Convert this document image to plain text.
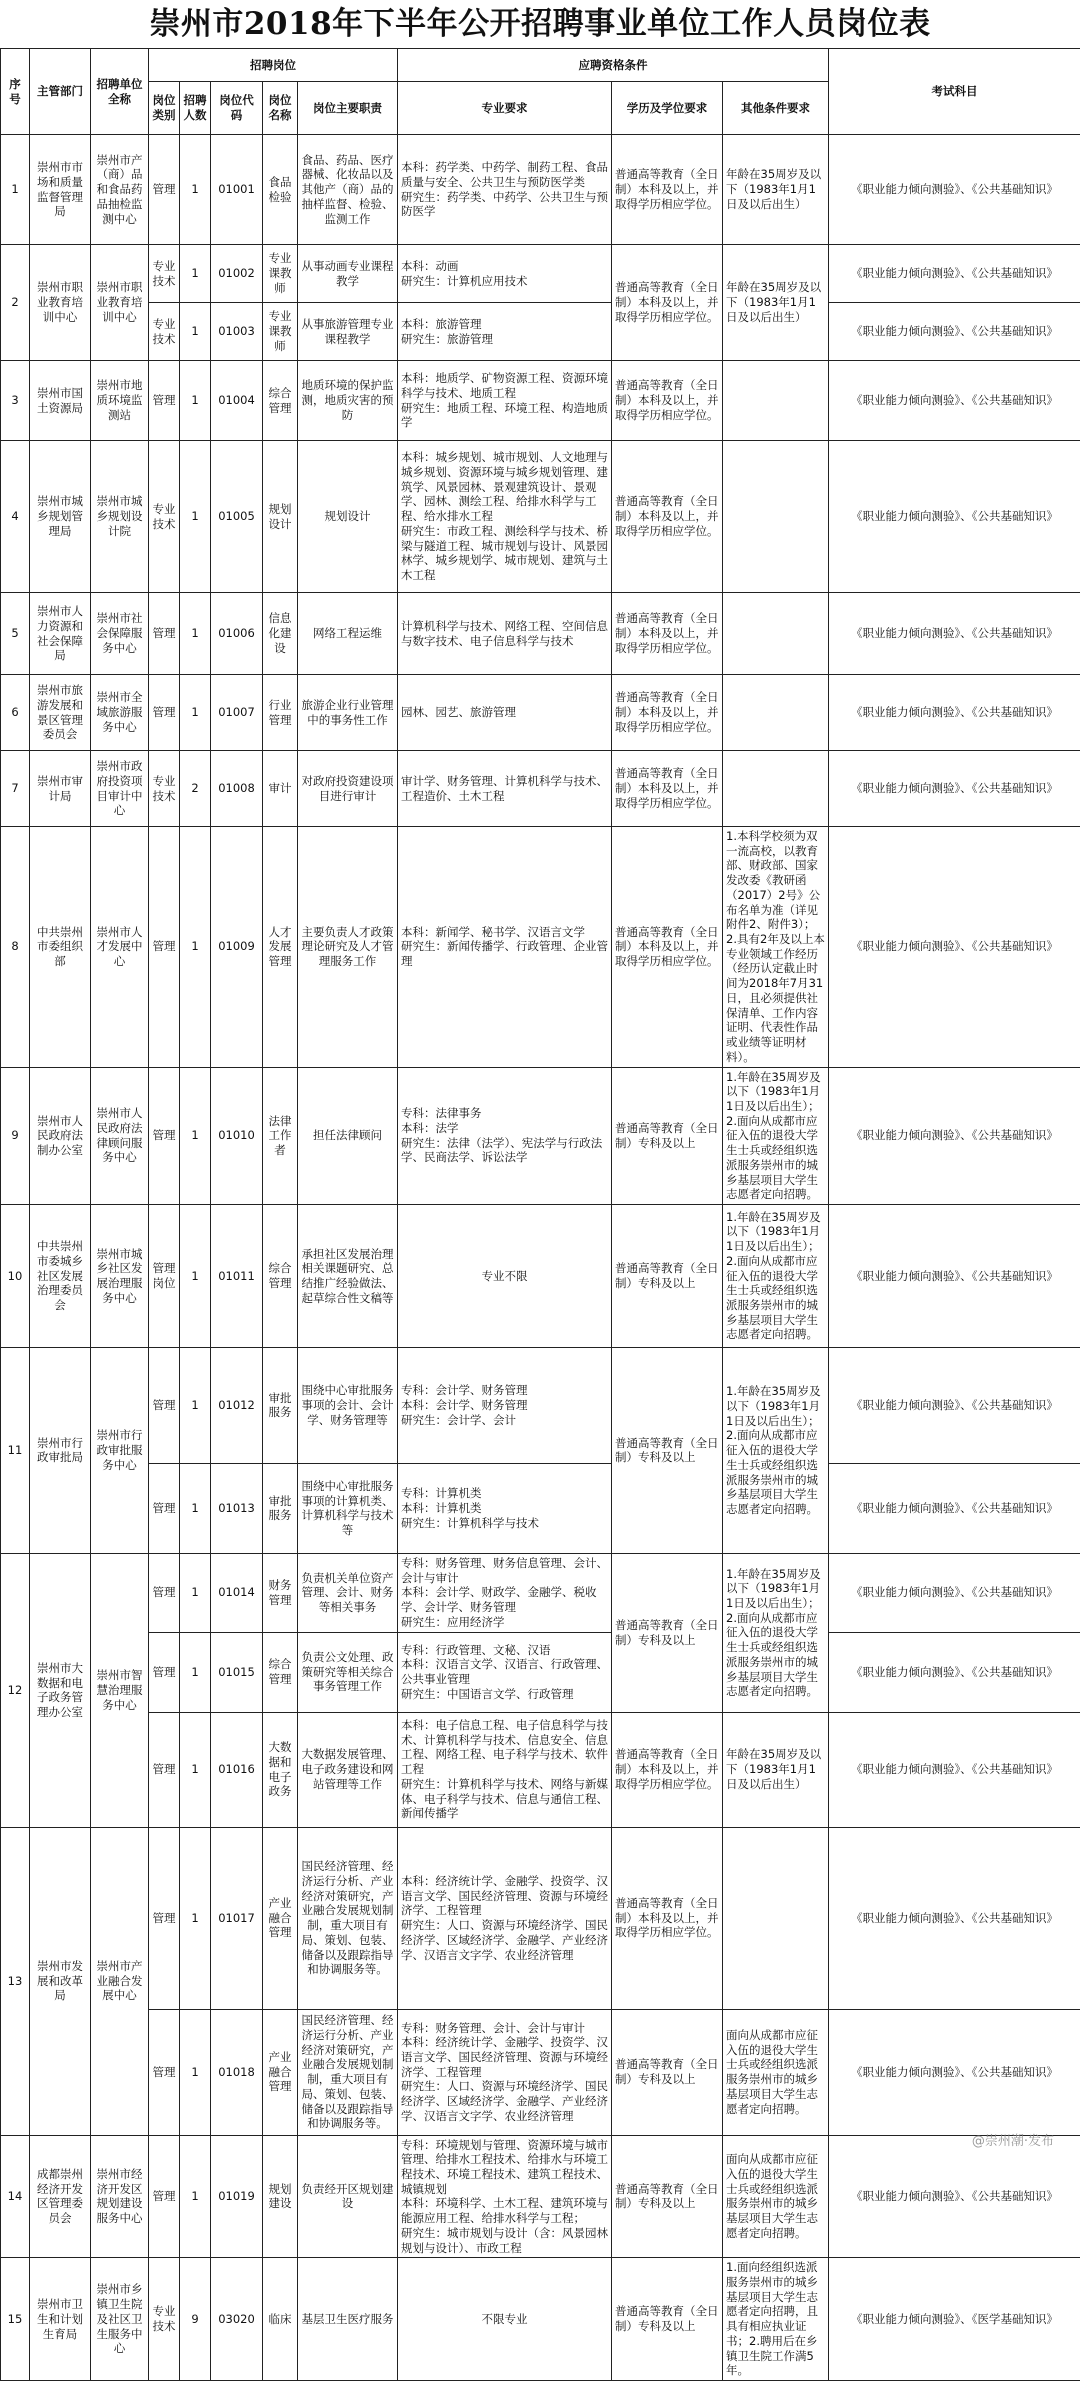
崇州市2018年下半年公开招聘事业单位工作人员岗位表
序号	主管部门	招聘单位全称	招聘岗位					应聘资格条件			考试科目
			岗位类别	招聘人数	岗位代码	岗位名称	岗位主要职责	专业要求	学历及学位要求	其他条件要求	
1	崇州市市场和质量监督管理局	崇州市产（商）品和食品药品抽检监测中心	管理	1	01001	食品检验	食品、药品、医疗器械、化妆品以及其他产（商）品的抽样监督、检验、监测工作	本科：药学类、中药学、制药工程、食品质量与安全、公共卫生与预防医学类
研究生：药学类、中药学、公共卫生与预防医学	普通高等教育（全日制）本科及以上，并取得学历相应学位。	年龄在35周岁及以下（1983年1月1日及以后出生）	《职业能力倾向测验》、《公共基础知识》
2	崇州市职业教育培训中心	崇州市职业教育培训中心	专业技术	1	01002	专业课教师	从事动画专业课程教学	本科：动画
研究生：计算机应用技术	普通高等教育（全日制）本科及以上，并取得学历相应学位。	年龄在35周岁及以下（1983年1月1日及以后出生）	《职业能力倾向测验》、《公共基础知识》
			专业技术	1	01003	专业课教师	从事旅游管理专业课程教学	本科：旅游管理
研究生：旅游管理			《职业能力倾向测验》、《公共基础知识》
3	崇州市国土资源局	崇州市地质环境监测站	管理	1	01004	综合管理	地质环境的保护监测，地质灾害的预防	本科：地质学、矿物资源工程、资源环境科学与技术、地质工程
研究生：地质工程、环境工程、构造地质学	普通高等教育（全日制）本科及以上，并取得学历相应学位。		《职业能力倾向测验》、《公共基础知识》
4	崇州市城乡规划管理局	崇州市城乡规划设计院	专业技术	1	01005	规划设计	规划设计	本科：城乡规划、城市规划、人文地理与城乡规划、资源环境与城乡规划管理、建筑学、风景园林、景观建筑设计、景观学、园林、测绘工程、给排水科学与工程、给水排水工程
研究生：市政工程、测绘科学与技术、桥梁与隧道工程、城市规划与设计、风景园林学、城乡规划学、城市规划、建筑与土木工程	普通高等教育（全日制）本科及以上，并取得学历相应学位。		《职业能力倾向测验》、《公共基础知识》
5	崇州市人力资源和社会保障局	崇州市社会保障服务中心	管理	1	01006	信息化建设	网络工程运维	计算机科学与技术、网络工程、空间信息与数字技术、电子信息科学与技术	普通高等教育（全日制）本科及以上，并取得学历相应学位。		《职业能力倾向测验》、《公共基础知识》
6	崇州市旅游发展和景区管理委员会	崇州市全域旅游服务中心	管理	1	01007	行业管理	旅游企业行业管理中的事务性工作	园林、园艺、旅游管理	普通高等教育（全日制）本科及以上，并取得学历相应学位。		《职业能力倾向测验》、《公共基础知识》
7	崇州市审计局	崇州市政府投资项目审计中心	专业技术	2	01008	审计	对政府投资建设项目进行审计	审计学、财务管理、计算机科学与技术、工程造价、土木工程	普通高等教育（全日制）本科及以上，并取得学历相应学位。		《职业能力倾向测验》、《公共基础知识》
8	中共崇州市委组织部	崇州市人才发展中心	管理	1	01009	人才发展管理	主要负责人才政策理论研究及人才管理服务工作	本科：新闻学、秘书学、汉语言文学
研究生：新闻传播学、行政管理、企业管理	普通高等教育（全日制）本科及以上，并取得学历相应学位。	1.本科学校须为双一流高校，以教育部、财政部、国家发改委《教研函（2017）2号》公布名单为准（详见附件2、附件3）；
2.具有2年及以上本专业领域工作经历（经历认定截止时间为2018年7月31日，且必须提供社保清单、工作内容证明、代表性作品或业绩等证明材料）。	《职业能力倾向测验》、《公共基础知识》
9	崇州市人民政府法制办公室	崇州市人民政府法律顾问服务中心	管理	1	01010	法律工作者	担任法律顾问	专科：法律事务
本科：法学
研究生：法律（法学）、宪法学与行政法学、民商法学、诉讼法学	普通高等教育（全日制）专科及以上	1.年龄在35周岁及以下（1983年1月1日及以后出生）；2.面向从成都市应征入伍的退役大学生士兵或经组织选派服务崇州市的城乡基层项目大学生志愿者定向招聘。	《职业能力倾向测验》、《公共基础知识》
10	中共崇州市委城乡社区发展治理委员会	崇州市城乡社区发展治理服务中心	管理岗位	1	01011	综合管理	承担社区发展治理相关课题研究、总结推广经验做法、起草综合性文稿等	专业不限	普通高等教育（全日制）专科及以上	1.年龄在35周岁及以下（1983年1月1日及以后出生）；2.面向从成都市应征入伍的退役大学生士兵或经组织选派服务崇州市的城乡基层项目大学生志愿者定向招聘。	《职业能力倾向测验》、《公共基础知识》
11	崇州市行政审批局	崇州市行政审批服务中心	管理	1	01012	审批服务	围绕中心审批服务事项的会计、会计学、财务管理等	专科：会计学、财务管理
本科：会计学、财务管理
研究生：会计学、会计	普通高等教育（全日制）专科及以上	1.年龄在35周岁及以下（1983年1月1日及以后出生）；2.面向从成都市应征入伍的退役大学生士兵或经组织选派服务崇州市的城乡基层项目大学生志愿者定向招聘。	《职业能力倾向测验》、《公共基础知识》
			管理	1	01013	审批服务	围绕中心审批服务事项的计算机类、计算机科学与技术等	专科：计算机类
本科：计算机类
研究生：计算机科学与技术			《职业能力倾向测验》、《公共基础知识》
12	崇州市大数据和电子政务管理办公室	崇州市智慧治理服务中心	管理	1	01014	财务管理	负责机关单位资产管理、会计、财务等相关事务	专科：财务管理、财务信息管理、会计、会计与审计
本科：会计学、财政学、金融学、税收学、会计学、财务管理
研究生：应用经济学	普通高等教育（全日制）专科及以上	1.年龄在35周岁及以下（1983年1月1日及以后出生）；
2.面向从成都市应征入伍的退役大学生士兵或经组织选派服务崇州市的城乡基层项目大学生志愿者定向招聘。	《职业能力倾向测验》、《公共基础知识》
			管理	1	01015	综合管理	负责公文处理、政策研究等相关综合事务管理工作	专科：行政管理、文秘、汉语
本科：汉语言文学、汉语言、行政管理、公共事业管理
研究生：中国语言文学、行政管理			《职业能力倾向测验》、《公共基础知识》
			管理	1	01016	大数据和电子政务	大数据发展管理、电子政务建设和网站管理等工作	本科：电子信息工程、电子信息科学与技术、计算机科学与技术、信息安全、信息工程、网络工程、电子科学与技术、软件工程
研究生：计算机科学与技术、网络与新媒体、电子科学与技术、信息与通信工程、新闻传播学	普通高等教育（全日制）本科及以上，并取得学历相应学位。	年龄在35周岁及以下（1983年1月1日及以后出生）	《职业能力倾向测验》、《公共基础知识》
13	崇州市发展和改革局	崇州市产业融合发展中心	管理	1	01017	产业融合管理	国民经济管理、经济运行分析、产业经济对策研究，产业融合发展规划制制，重大项目有局、策划、包装、储备以及跟踪指导和协调服务等。	本科：经济统计学、金融学、投资学、汉语言文学、国民经济管理、资源与环境经济学、工程管理
研究生：人口、资源与环境经济学、国民经济学、区域经济学、金融学、产业经济学、汉语言文字学、农业经济管理	普通高等教育（全日制）本科及以上，并取得学历相应学位。		《职业能力倾向测验》、《公共基础知识》
			管理	1	01018	产业融合管理	国民经济管理、经济运行分析、产业经济对策研究，产业融合发展规划制制，重大项目有局、策划、包装、储备以及跟踪指导和协调服务等。	专科：财务管理、会计、会计与审计
本科：经济统计学、金融学、投资学、汉语言文学、国民经济管理、资源与环境经济学、工程管理
研究生：人口、资源与环境经济学、国民经济学、区域经济学、金融学、产业经济学、汉语言文字学、农业经济管理	普通高等教育（全日制）专科及以上	面向从成都市应征入伍的退役大学生士兵或经组织选派服务崇州市的城乡基层项目大学生志愿者定向招聘。	《职业能力倾向测验》、《公共基础知识》
14	成都崇州经济开发区管理委员会	崇州市经济开发区规划建设服务中心	管理	1	01019	规划建设	负责经开区规划建设	专科：环境规划与管理、资源环境与城市管理、给排水工程技术、给排水与环境工程技术、环境工程技术、建筑工程技术、城镇规划
本科：环境科学、土木工程、建筑环境与能源应用工程、给排水科学与工程；
研究生：城市规划与设计（含：风景园林规划与设计）、市政工程	普通高等教育（全日制）专科及以上	面向从成都市应征入伍的退役大学生士兵或经组织选派服务崇州市的城乡基层项目大学生志愿者定向招聘。	《职业能力倾向测验》、《公共基础知识》
15	崇州市卫生和计划生育局	崇州市乡镇卫生院及社区卫生服务中心	专业技术	9	03020	临床	基层卫生医疗服务	不限专业	普通高等教育（全日制）专科及以上	1.面向经组织选派服务崇州市的城乡基层项目大学生志愿者定向招聘，且具有相应执业证书；2.聘用后在乡镇卫生院工作满5年。	《职业能力倾向测验》、《医学基础知识》
@崇州潮·发布
